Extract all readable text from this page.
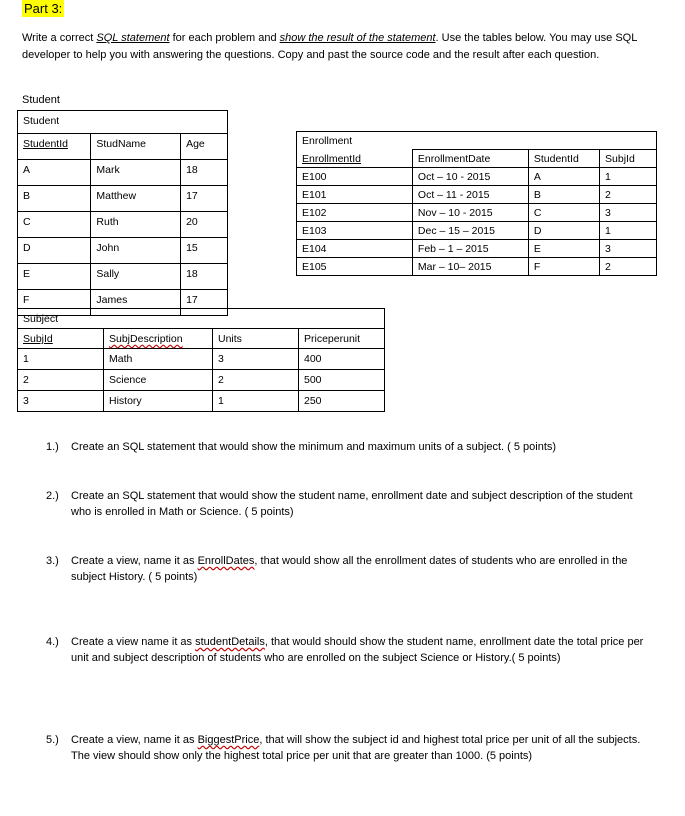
Part 3:
Write a correct SQL statement for each problem and show the result of the statement. Use the tables below. You may use SQL developer to help you with answering the questions. Copy and past the source code and the result after each question.
Student
Student		
StudentId	StudName	Age
A	Mark	18
B	Matthew	17
C	Ruth	20
D	John	15
E	Sally	18
F	James	17
Enrollment			
EnrollmentId	EnrollmentDate	StudentId	SubjId
E100	Oct – 10 - 2015	A	1
E101	Oct – 11 - 2015	B	2
E102	Nov – 10 - 2015	C	3
E103	Dec – 15 – 2015	D	1
E104	Feb – 1 – 2015	E	3
E105	Mar – 10– 2015	F	2
Subject			
SubjId	SubjDescription	Units	Priceperunit
1	Math	3	400
2	Science	2	500
3	History	1	250
1.) Create an SQL statement that would show the minimum and maximum units of a subject. ( 5 points)
2.) Create an SQL statement that would show the student name, enrollment date and subject description of the student who is enrolled in Math or Science. ( 5 points)
3.) Create a view, name it as EnrollDates, that would show all the enrollment dates of students who are enrolled in the subject History. ( 5 points)
4.) Create a view name it as studentDetails, that would should show the student name, enrollment date the total price per unit and subject description of students who are enrolled on the subject Science or History.( 5 points)
5.) Create a view, name it as BiggestPrice, that will show the subject id and highest total price per unit of all the subjects. The view should show only the highest total price per unit that are greater than 1000. (5 points)
